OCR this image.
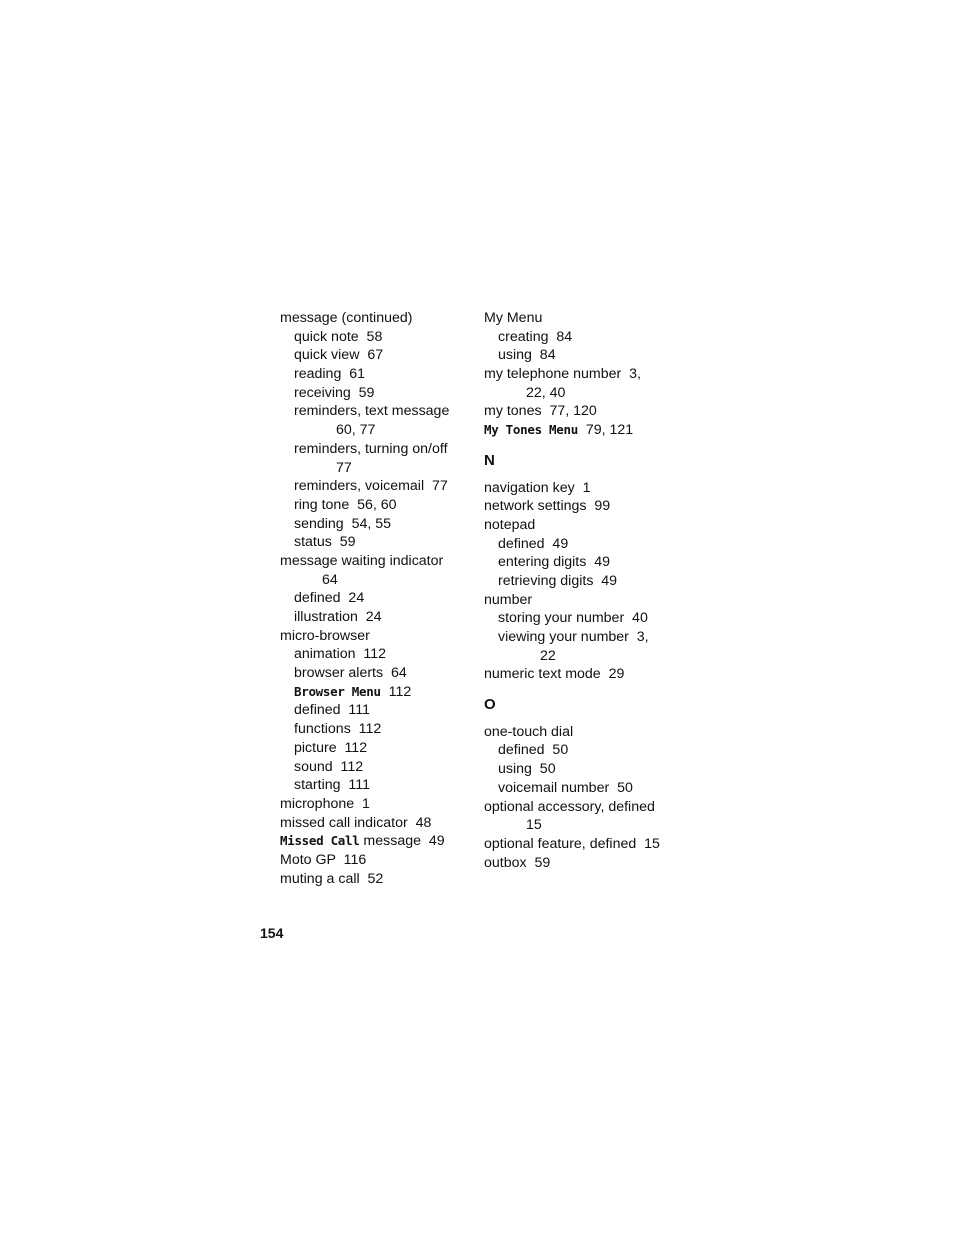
message (continued)
quick note  58
quick view  67
reading  61
receiving  59
reminders, text message
60, 77
reminders, turning on/off
77
reminders, voicemail  77
ring tone  56, 60
sending  54, 55
status  59
message waiting indicator
64
defined  24
illustration  24
micro-browser
animation  112
browser alerts  64
Browser Menu  112
defined  111
functions  112
picture  112
sound  112
starting  111
microphone  1
missed call indicator  48
Missed Call message  49
Moto GP  116
muting a call  52
My Menu
creating  84
using  84
my telephone number  3,
22, 40
my tones  77, 120
My Tones Menu  79, 121
N
navigation key  1
network settings  99
notepad
defined  49
entering digits  49
retrieving digits  49
number
storing your number  40
viewing your number  3,
22
numeric text mode  29
O
one-touch dial
defined  50
using  50
voicemail number  50
optional accessory, defined
15
optional feature, defined  15
outbox  59
154
